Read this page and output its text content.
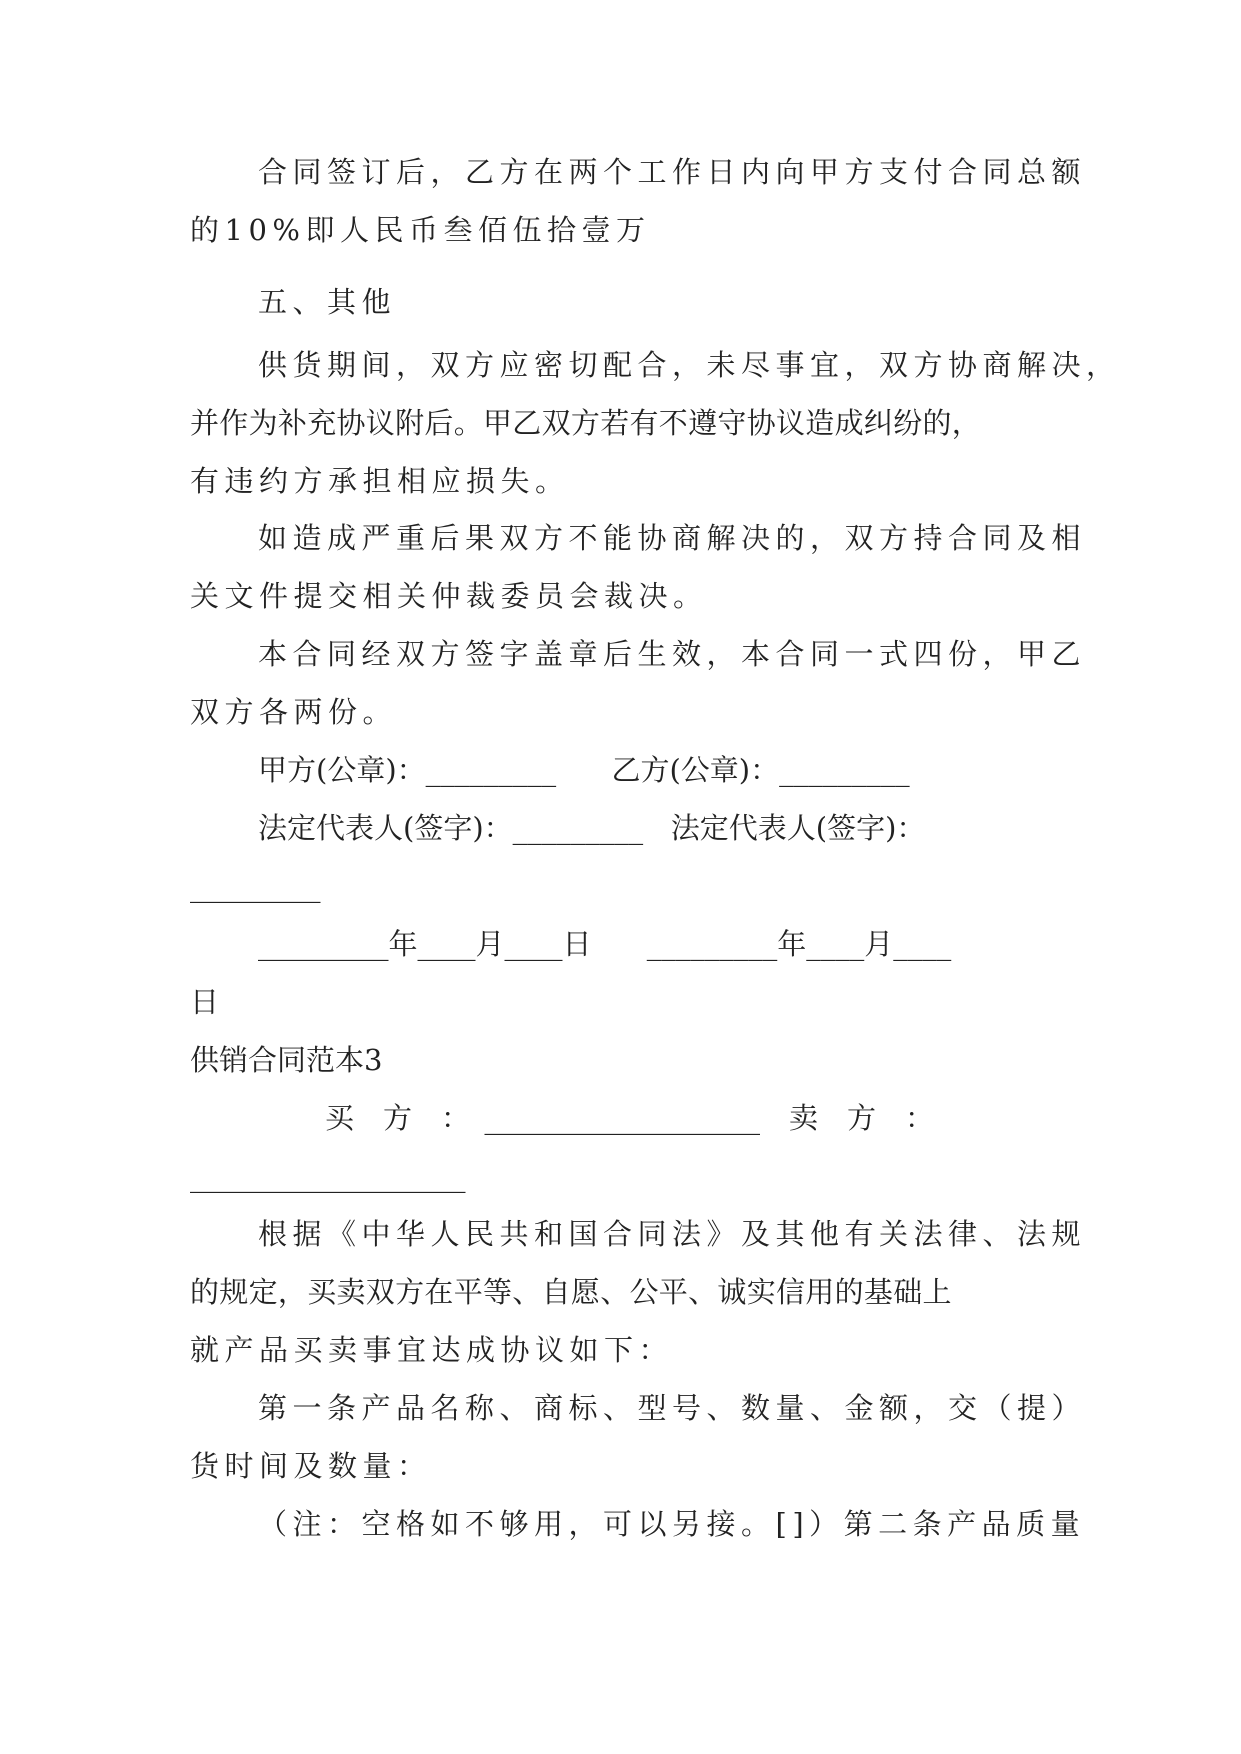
合同签订后，乙方在两个工作日内向甲方支付合同总额
的10%即人民币叁佰伍拾壹万
五、其他
供货期间，双方应密切配合，未尽事宜，双方协商解决，
并作为补充协议附后。甲乙双方若有不遵守协议造成纠纷的，
有违约方承担相应损失。
如造成严重后果双方不能协商解决的，双方持合同及相
关文件提交相关仲裁委员会裁决。
本合同经双方签字盖章后生效，本合同一式四份，甲乙
双方各两份。
甲方(公章)：_________      乙方(公章)：_________
法定代表人(签字)：_________   法定代表人(签字)：
_________
_________年____月____日      _________年____月____
日
供销合同范本3
买　方　：　___________________　卖　方　：
___________________
根据《中华人民共和国合同法》及其他有关法律、法规
的规定，买卖双方在平等、自愿、公平、诚实信用的基础上
就产品买卖事宜达成协议如下：
第一条产品名称、商标、型号、数量、金额，交（提）
货时间及数量：
（注：空格如不够用，可以另接。[]）第二条产品质量
